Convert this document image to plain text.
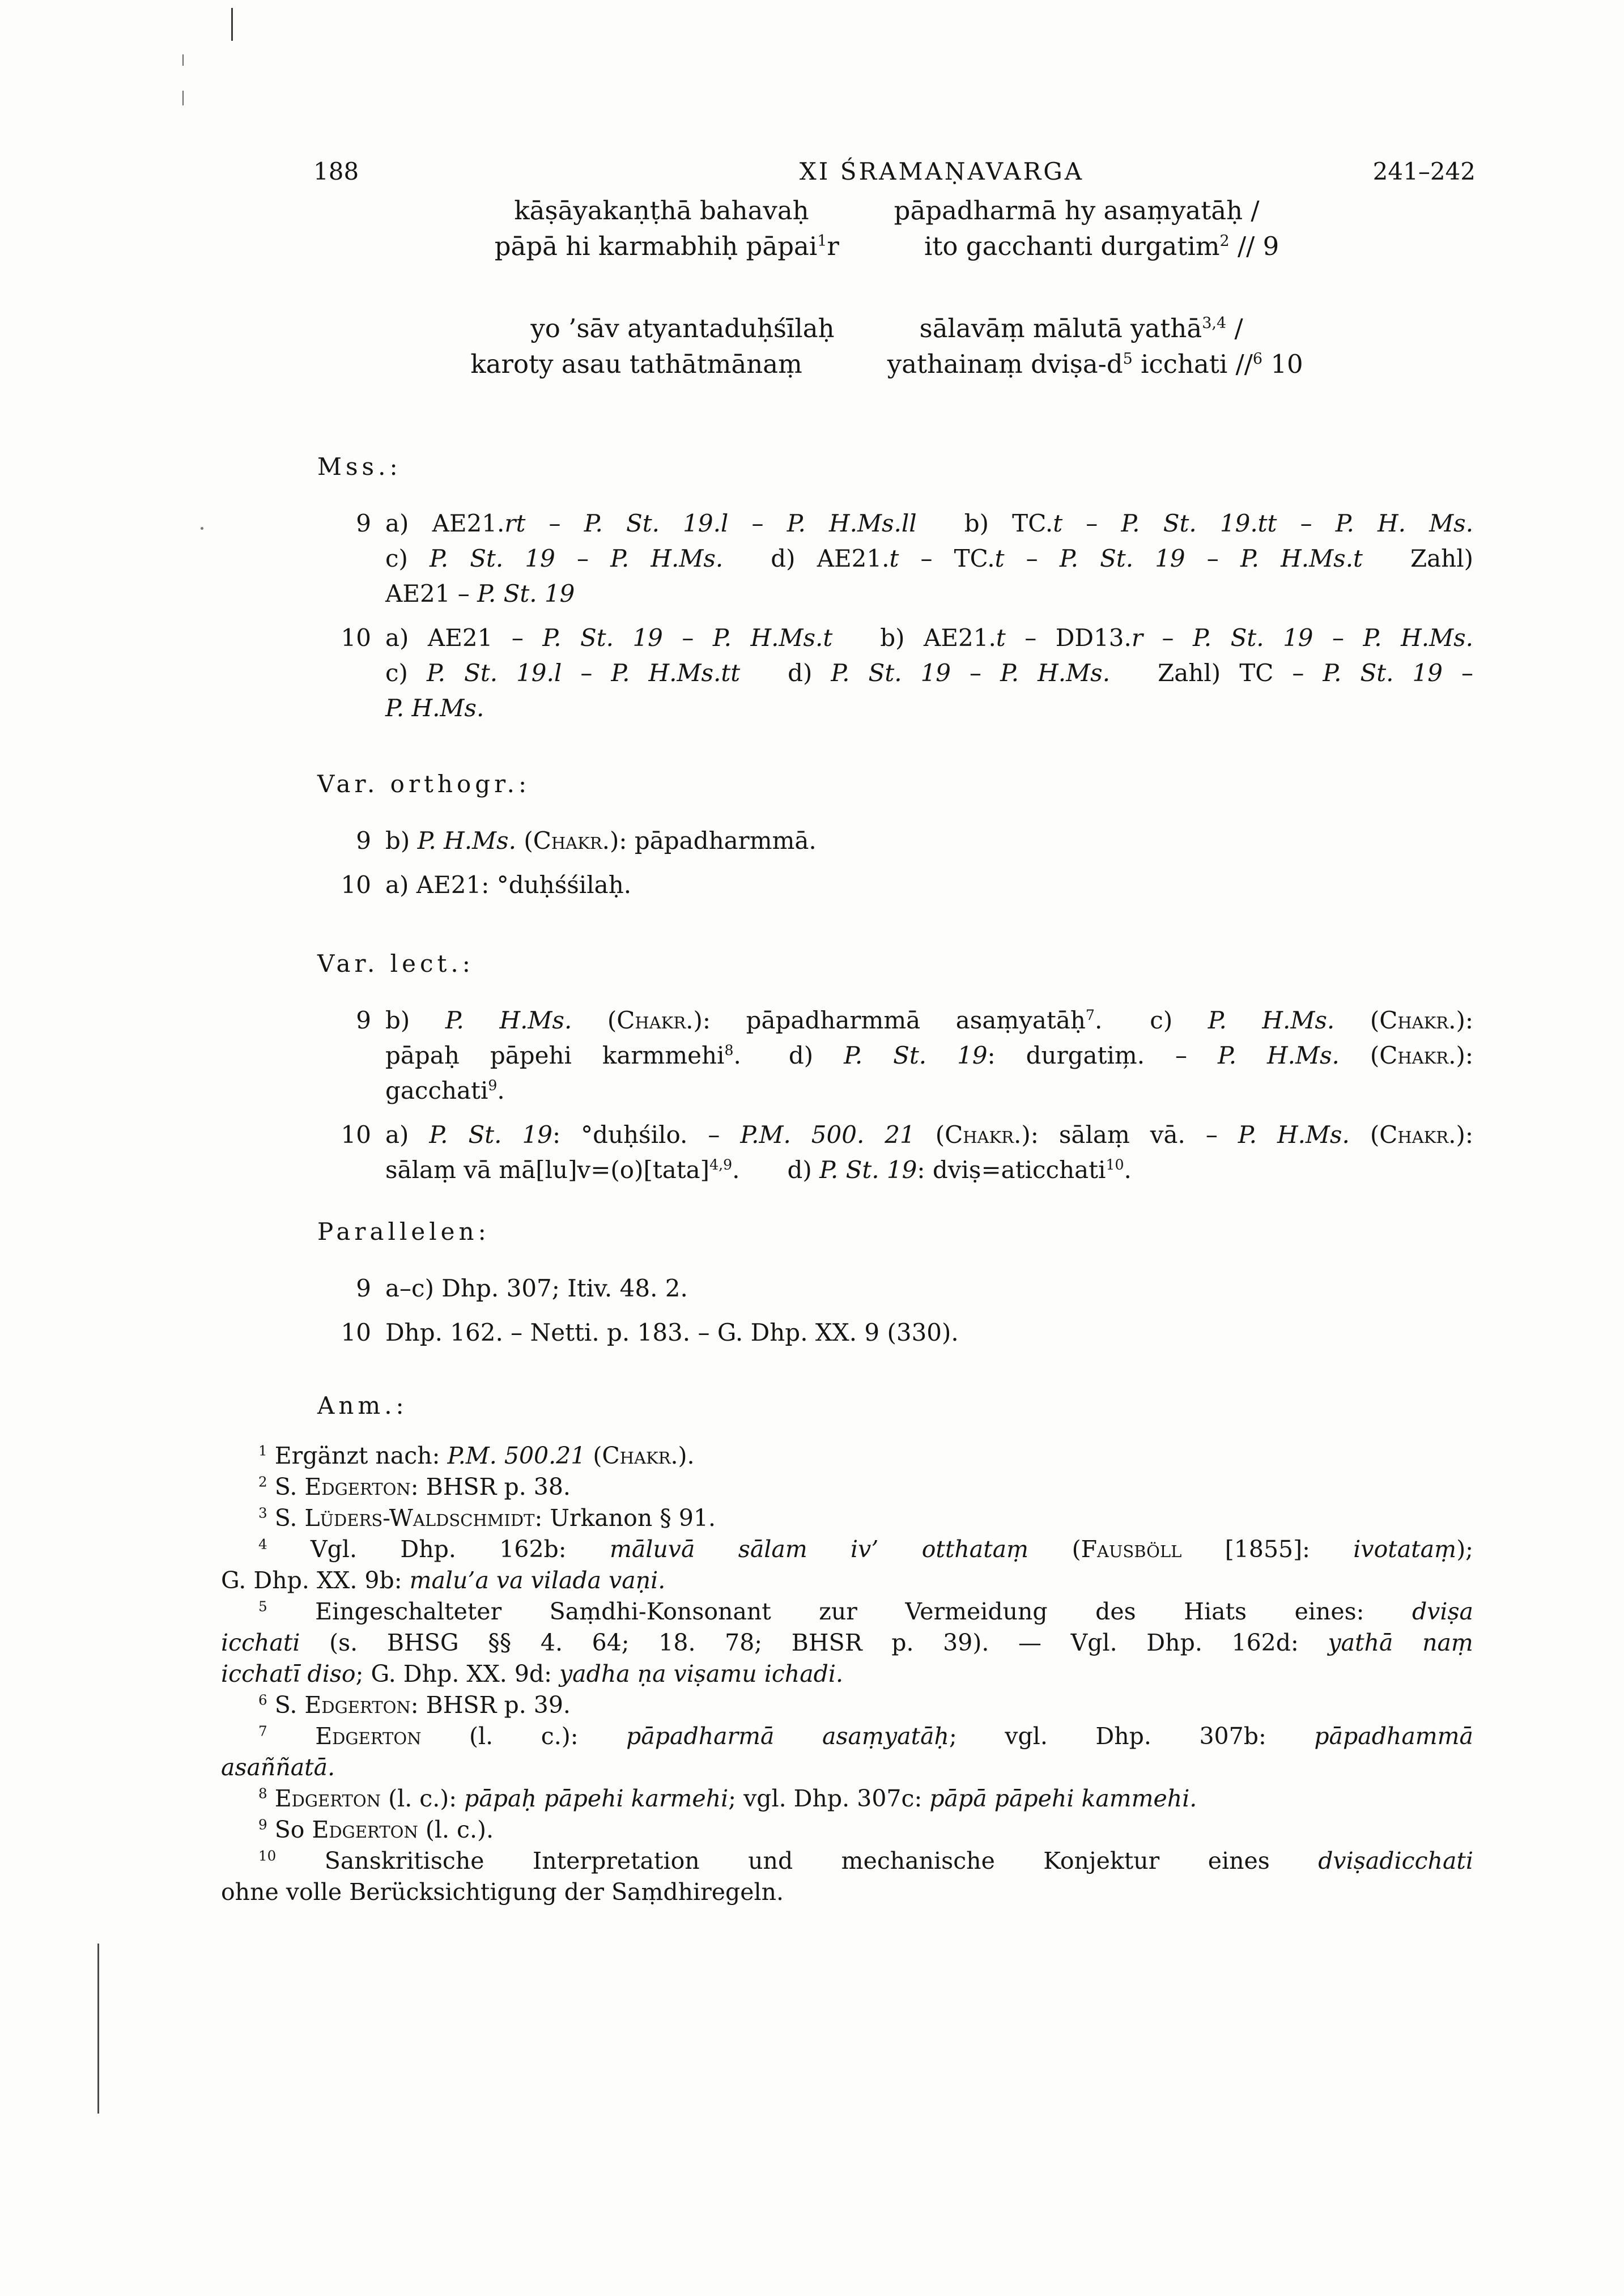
188	XI ŚRAMAṆAVARGA	241–242
kāṣāyakaṇṭhā bahavaḥ	pāpadharmā hy asaṃyatāḥ /
pāpā hi karmabhiḥ pāpai$^1$r	ito gacchanti durgatim$^2$ // 9
yo ’sāv atyantaduḥśīlaḥ	sālavāṃ mālutā yathā$^{3,4}$ /
karoty asau tathātmānaṃ	yathainaṃ dviṣa-$d^5$ icchati //$^6$ 10
Mss.:
9 a) AE21.rt – P. St. 19.l – P. H.Ms.ll  b) TC.t – P. St. 19.tt – P. H. Ms.
c) P. St. 19 – P. H.Ms.  d) AE21.t – TC.t – P. St. 19 – P. H.Ms.t  Zahl)
AE21 – P. St. 19
10 a) AE21 – P. St. 19 – P. H.Ms.t  b) AE21.t – DD13.r – P. St. 19 – P. H.Ms.
c) P. St. 19.l – P. H.Ms.tt  d) P. St. 19 – P. H.Ms.  Zahl) TC – P. St. 19 –
P. H.Ms.
Var. orthogr.:
9 b) P. H.Ms. (Chakr.): pāpadharmmā.
10 a) AE21: °duḥśśilaḥ.
Var. lect.:
9 b) P. H.Ms. (Chakr.): pāpadharmmā asaṃyatāḥ$^7$.  c) P. H.Ms. (Chakr.):
pāpaḥ pāpehi karmmehi$^8$.  d) P. St. 19: durgatim̦. – P. H.Ms. (Chakr.):
gacchati$^9$.
10 a) P. St. 19: °duḥśilo. – P.M. 500. 21 (Chakr.): sālaṃ vā. – P. H.Ms. (Chakr.):
sālaṃ vā mā[lu]v=(o)[tata]$^{4,9}$.  d) P. St. 19: dviṣ=aticchati$^{10}$.
Parallelen:
9 a–c) Dhp. 307; Itiv. 48. 2.
10 Dhp. 162. – Netti. p. 183. – G. Dhp. XX. 9 (330).
Anm.:
$^1$ Ergänzt nach: P.M. 500.21 (Chakr.).
$^2$ S. Edgerton: BHSR p. 38.
$^3$ S. Lüders-Waldschmidt: Urkanon § 91.
$^4$ Vgl. Dhp. 162b: māluvā sālam iv’ otthataṃ (Fausböll [1855]: ivotataṃ);
G. Dhp. XX. 9b: malu’a va vilada vaṇi.
$^5$ Eingeschalteter Saṃdhi-Konsonant zur Vermeidung des Hiats eines: dviṣa
icchati (s. BHSG §§ 4. 64; 18. 78; BHSR p. 39). — Vgl. Dhp. 162d: yathā naṃ
icchatī diso; G. Dhp. XX. 9d: yadha ṇa viṣamu ichadi.
$^6$ S. Edgerton: BHSR p. 39.
$^7$ Edgerton (l. c.): pāpadharmā asaṃyatāḥ; vgl. Dhp. 307b: pāpadhammā
asaññatā.
$^8$ Edgerton (l. c.): pāpaḥ pāpehi karmehi; vgl. Dhp. 307c: pāpā pāpehi kammehi.
$^9$ So Edgerton (l. c.).
$^{10}$ Sanskritische Interpretation und mechanische Konjektur eines dviṣadicchati
ohne volle Berücksichtigung der Saṃdhiregeln.
